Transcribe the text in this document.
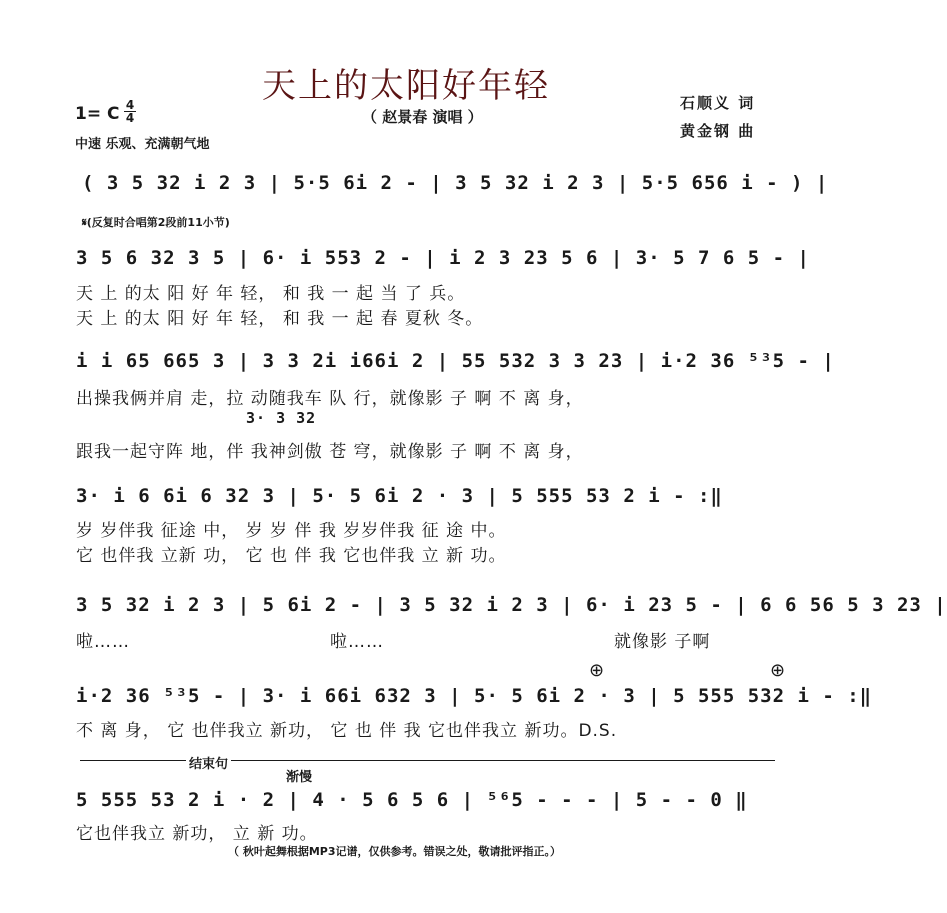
天上的太阳好年轻
（ 赵景春 演唱 ）
石顺义 词
黄金钢 曲
1= C 4
4
中速 乐观、充满朝气地
( 3 5 32 i 2 3 | 5·5 6i 2 - | 3 5 32 i 2 3 | 5·5 656 i - ) |
𝄋(反复时合唱第2段前11小节)
3 5 6 32 3 5 | 6· i 553 2 - | i 2 3 23 5 6 | 3· 5 7 6 5 - |
天 上 的太 阳 好 年 轻， 和 我 一 起 当 了 兵。
天 上 的太 阳 好 年 轻， 和 我 一 起 春 夏秋 冬。
i i 65 665 3 | 3 3 2i i66i 2 | 55 532 3 3 23 | i·2 36 ⁵³5 - |
出操我俩并肩 走，拉 动随我车 队 行，就像影 子 啊 不 离 身，
3· 3 32
跟我一起守阵 地，伴 我神剑傲 苍 穹，就像影 子 啊 不 离 身，
3· i 6 6i 6 32 3 | 5· 5 6i 2 · 3 | 5 555 53 2 i - :‖
岁 岁伴我 征途 中， 岁 岁 伴 我 岁岁伴我 征 途 中。
它 也伴我 立新 功， 它 也 伴 我 它也伴我 立 新 功。
3 5 32 i 2 3 | 5 6i 2 - | 3 5 32 i 2 3 | 6· i 23 5 - | 6 6 56 5 3 23 |
啦……	啦……	就像影 子啊
⊕	⊕
i·2 36 ⁵³5 - | 3· i 66i 632 3 | 5· 5 6i 2 · 3 | 5 555 532 i - :‖
不 离 身， 它 也伴我立 新功， 它 也 伴 我 它也伴我立 新功。D.S.
结束句
渐慢
5 555 53 2 i · 2 | 4 · 5 6 5 6 | ⁵⁶5 - - - | 5 - - 0 ‖
它也伴我立 新功， 立 新 功。
（ 秋叶起舞根据MP3记谱，仅供参考。错误之处，敬请批评指正。）
